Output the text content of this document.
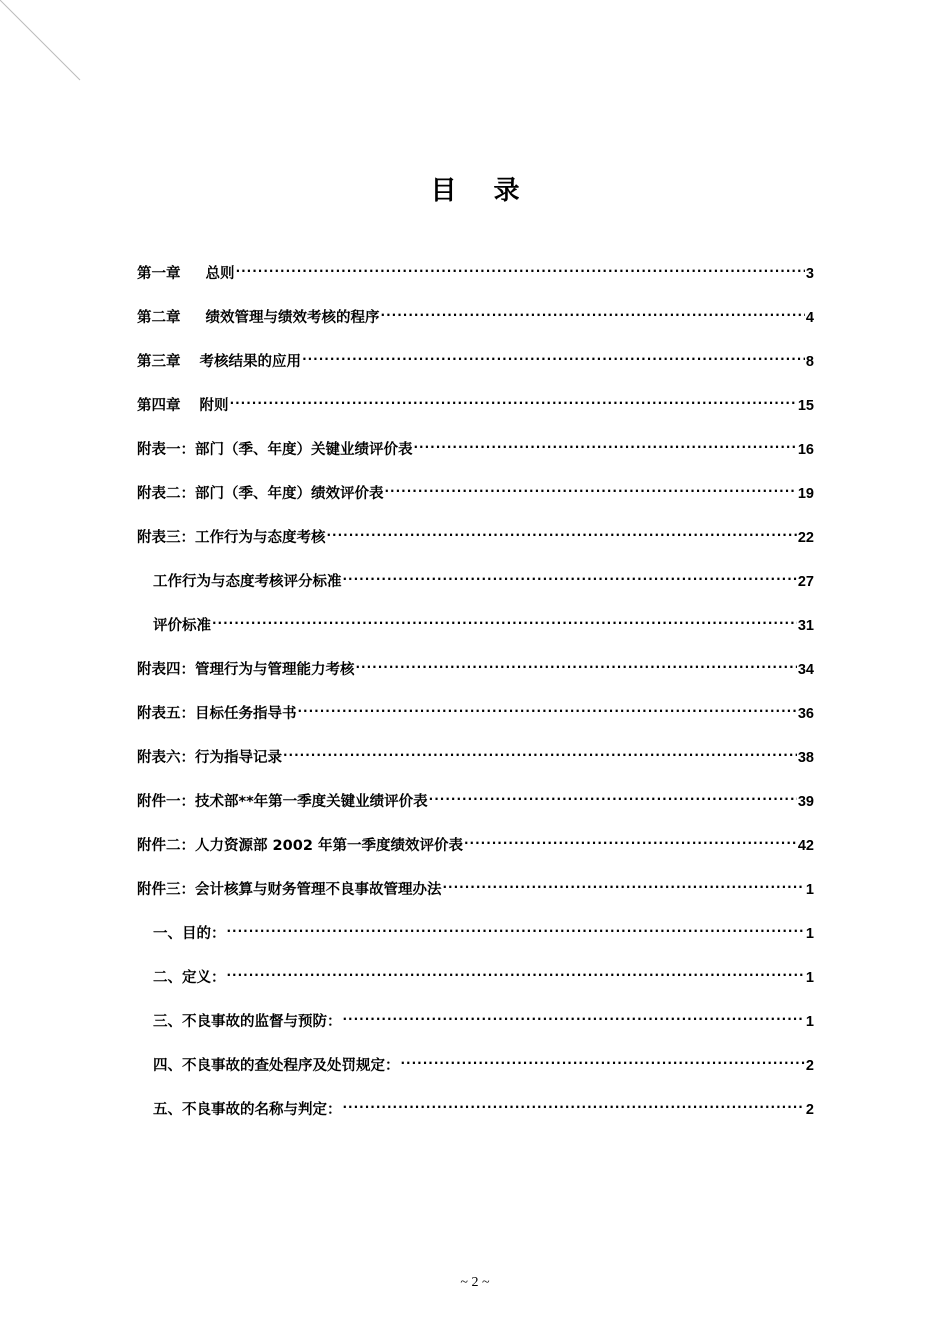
目 录
第一章 总则 .....	3
第二章 绩效管理与绩效考核的程序 .....	4
第三章 考核结果的应用 .....	8
第四章 附则 .....	15
附表一：部门（季、年度）关键业绩评价表 .....	16
附表二：部门（季、年度）绩效评价表 .....	19
附表三：工作行为与态度考核 .....	22
工作行为与态度考核评分标准 .....	27
评价标准 .....	31
附表四：管理行为与管理能力考核 .....	34
附表五：目标任务指导书 .....	36
附表六：行为指导记录 .....	38
附件一：技术部**年第一季度关键业绩评价表 .....	39
附件二：人力资源部 2002 年第一季度绩效评价表 .....	42
附件三：会计核算与财务管理不良事故管理办法 .....	1
一、目的： .....	1
二、定义： .....	1
三、不良事故的监督与预防： .....	1
四、不良事故的查处程序及处罚规定： .....	2
五、不良事故的名称与判定： .....	2
~ 2 ~
